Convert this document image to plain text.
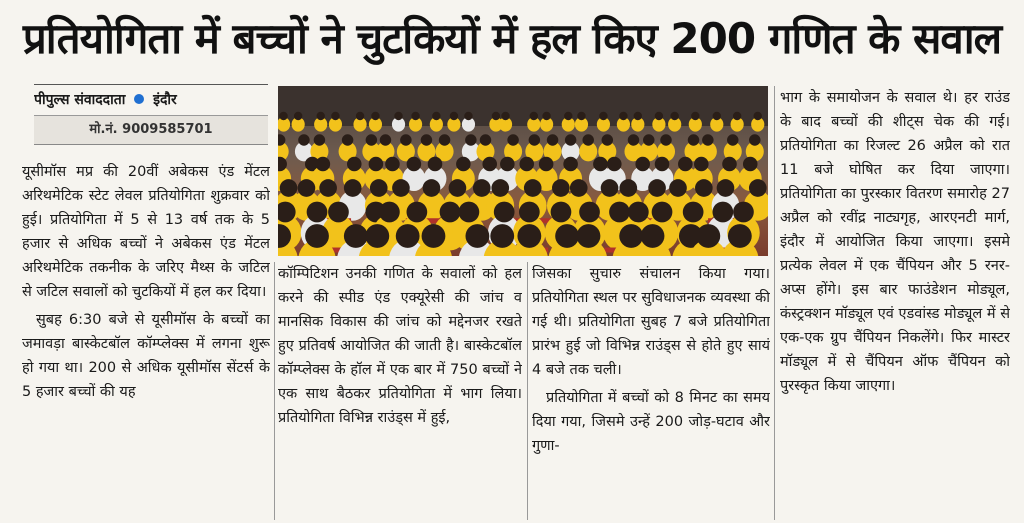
प्रतियोगिता में बच्चों ने चुटकियों में हल किए 200 गणित के सवाल
पीपुल्स संवाददाता इंदौर
मो.नं. 9009585701

यूसीमॉस मप्र की 20वीं अबेकस एंड मेंटल अरिथमेटिक स्टेट लेवल प्रतियोगिता शुक्रवार को हुई। प्रतियोगिता में 5 से 13 वर्ष तक के 5 हजार से अधिक बच्चों ने अबेकस एंड मेंटल अरिथमेटिक तकनीक के जरिए मैथ्स के जटिल से जटिल सवालों को चुटकियों में हल कर दिया।

सुबह 6:30 बजे से यूसीमॉस के बच्चों का जमावड़ा बास्केटबॉल कॉम्प्लेक्स में लगना शुरू हो गया था। 200 से अधिक यूसीमॉस सेंटर्स के 5 हजार बच्चों की यह

कॉम्पिटिशन उनकी गणित के सवालों को हल करने की स्पीड एंड एक्यूरेसी की जांच व मानसिक विकास की जांच को मद्देनजर रखते हुए प्रतिवर्ष आयोजित की जाती है। बास्केटबॉल कॉम्प्लेक्स के हॉल में एक बार में 750 बच्चों ने एक साथ बैठकर प्रतियोगिता में भाग लिया। प्रतियोगिता विभिन्न राउंड्स में हुई,

जिसका सुचारु संचालन किया गया। प्रतियोगिता स्थल पर सुविधाजनक व्यवस्था की गई थी। प्रतियोगिता सुबह 7 बजे प्रतियोगिता प्रारंभ हुई जो विभिन्न राउंड्स से होते हुए सायं 4 बजे तक चली।

प्रतियोगिता में बच्चों को 8 मिनट का समय दिया गया, जिसमे उन्हें 200 जोड़-घटाव और गुणा-

भाग के समायोजन के सवाल थे। हर राउंड के बाद बच्चों की शीट्स चेक की गई। प्रतियोगिता का रिजल्ट 26 अप्रैल को रात 11 बजे घोषित कर दिया जाएगा। प्रतियोगिता का पुरस्कार वितरण समारोह 27 अप्रैल को रवींद्र नाट्यगृह, आरएनटी मार्ग, इंदौर में आयोजित किया जाएगा। इसमे प्रत्येक लेवल में एक चैंपियन और 5 रनर-अप्स होंगे। इस बार फाउंडेशन मोड्यूल, कंस्ट्रक्शन मॉड्यूल एवं एडवांस्ड मोड्यूल में से एक-एक ग्रुप चैंपियन निकलेंगे। फिर मास्टर मॉड्यूल में से चैंपियन ऑफ चैंपियन को पुरस्कृत किया जाएगा।
